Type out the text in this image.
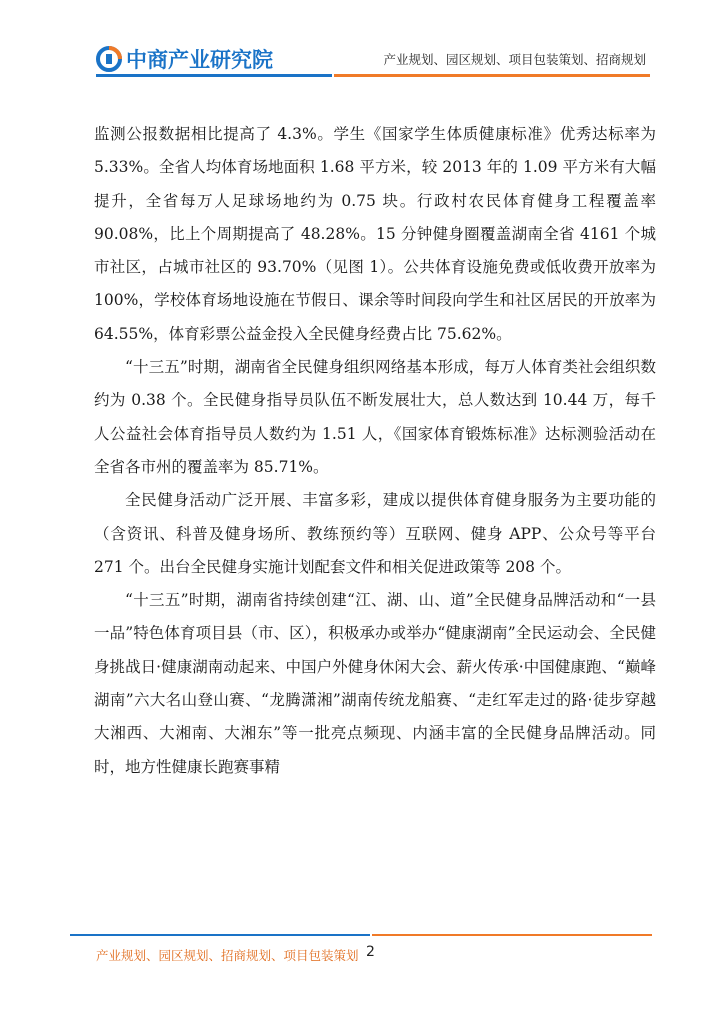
中商产业研究院	产业规划、园区规划、项目包装策划、招商规划

监测公报数据相比提高了 4.3%。学生《国家学生体质健康标准》优秀达标率为 5.33%。全省人均体育场地面积 1.68 平方米，较 2013 年的 1.09 平方米有大幅提升，全省每万人足球场地约为 0.75 块。行政村农民体育健身工程覆盖率 90.08%，比上个周期提高了 48.28%。15 分钟健身圈覆盖湖南全省 4161 个城市社区，占城市社区的 93.70%（见图 1）。公共体育设施免费或低收费开放率为 100%，学校体育场地设施在节假日、课余等时间段向学生和社区居民的开放率为 64.55%，体育彩票公益金投入全民健身经费占比 75.62%。

“十三五”时期，湖南省全民健身组织网络基本形成，每万人体育类社会组织数约为 0.38 个。全民健身指导员队伍不断发展壮大，总人数达到 10.44 万，每千人公益社会体育指导员人数约为 1.51 人，《国家体育锻炼标准》达标测验活动在全省各市州的覆盖率为 85.71%。

全民健身活动广泛开展、丰富多彩，建成以提供体育健身服务为主要功能的（含资讯、科普及健身场所、教练预约等）互联网、健身 APP、公众号等平台 271 个。出台全民健身实施计划配套文件和相关促进政策等 208 个。

“十三五”时期，湖南省持续创建“江、湖、山、道”全民健身品牌活动和“一县一品”特色体育项目县（市、区），积极承办或举办“健康湖南”全民运动会、全民健身挑战日·健康湖南动起来、中国户外健身休闲大会、薪火传承·中国健康跑、“巅峰湖南”六大名山登山赛、“龙腾潇湘”湖南传统龙船赛、“走红军走过的路·徒步穿越大湘西、大湘南、大湘东”等一批亮点频现、内涵丰富的全民健身品牌活动。同时，地方性健康长跑赛事精

产业规划、园区规划、招商规划、项目包装策划 2
